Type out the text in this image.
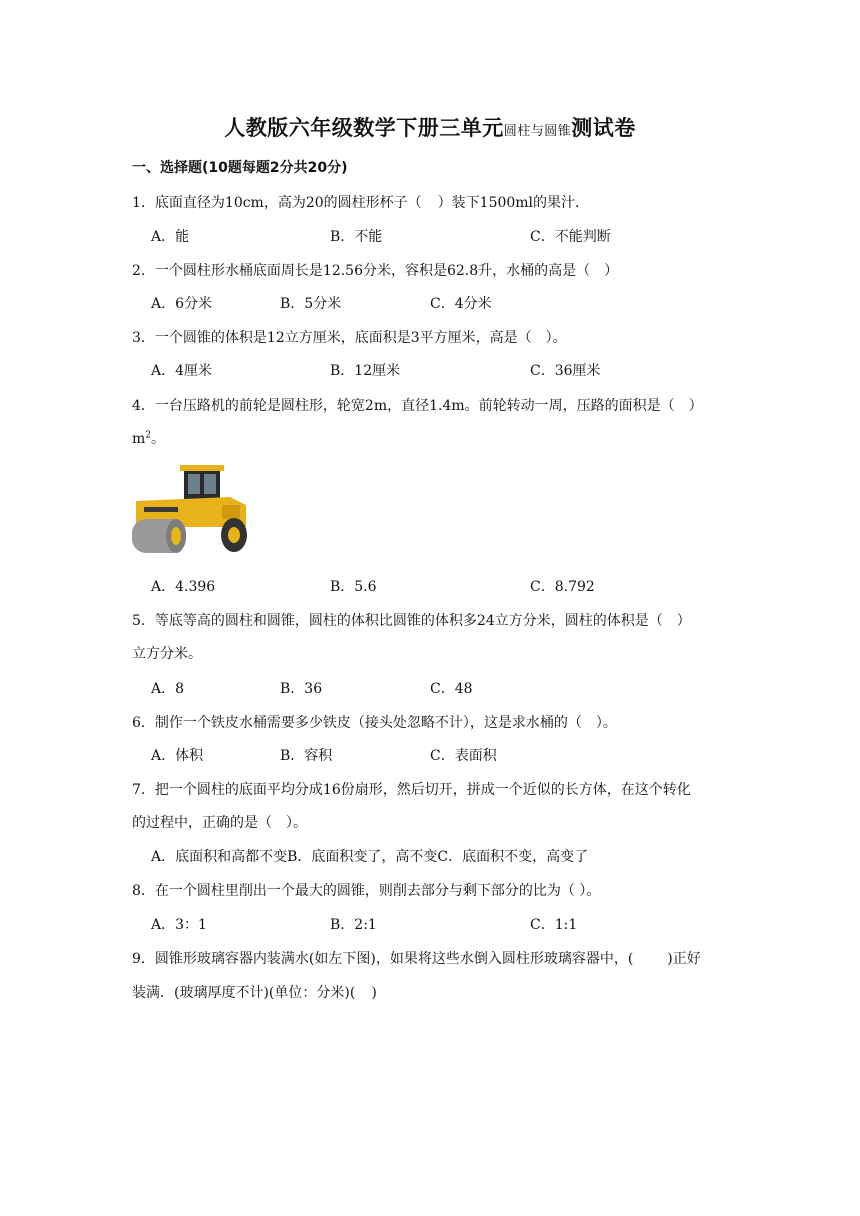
人教版六年级数学下册三单元圆柱与圆锥测试卷
一、选择题(10题每题2分共20分)
1．底面直径为10cm，高为20的圆柱形杯子（ ）装下1500ml的果汁．
A．能	B．不能	C．不能判断
2．一个圆柱形水桶底面周长是12.56分米，容积是62.8升，水桶的高是（　）
A．6分米	B．5分米	C．4分米
3．一个圆锥的体积是12立方厘米，底面积是3平方厘米，高是（　）。
A．4厘米	B．12厘米	C．36厘米
4．一台压路机的前轮是圆柱形，轮宽2m，直径1.4m。前轮转动一周，压路的面积是（　）
$m^2$。
A．4.396	B．5.6	C．8.792
5．等底等高的圆柱和圆锥，圆柱的体积比圆锥的体积多24立方分米，圆柱的体积是（　）
立方分米。
A．8	B．36	C．48
6．制作一个铁皮水桶需要多少铁皮（接头处忽略不计），这是求水桶的（　）。
A．体积	B．容积	C．表面积
7．把一个圆柱的底面平均分成16份扇形，然后切开，拼成一个近似的长方体，在这个转化
的过程中，正确的是（　）。
A．底面积和高都不变B．底面积变了，高不变C．底面积不变，高变了
8．在一个圆柱里削出一个最大的圆锥，则削去部分与剩下部分的比为（ ）。
A．3：1	B．2:1	C．1:1
9．圆锥形玻璃容器内装满水(如左下图)，如果将这些水倒入圆柱形玻璃容器中，( )正好
装满．(玻璃厚度不计)(单位：分米)( )
